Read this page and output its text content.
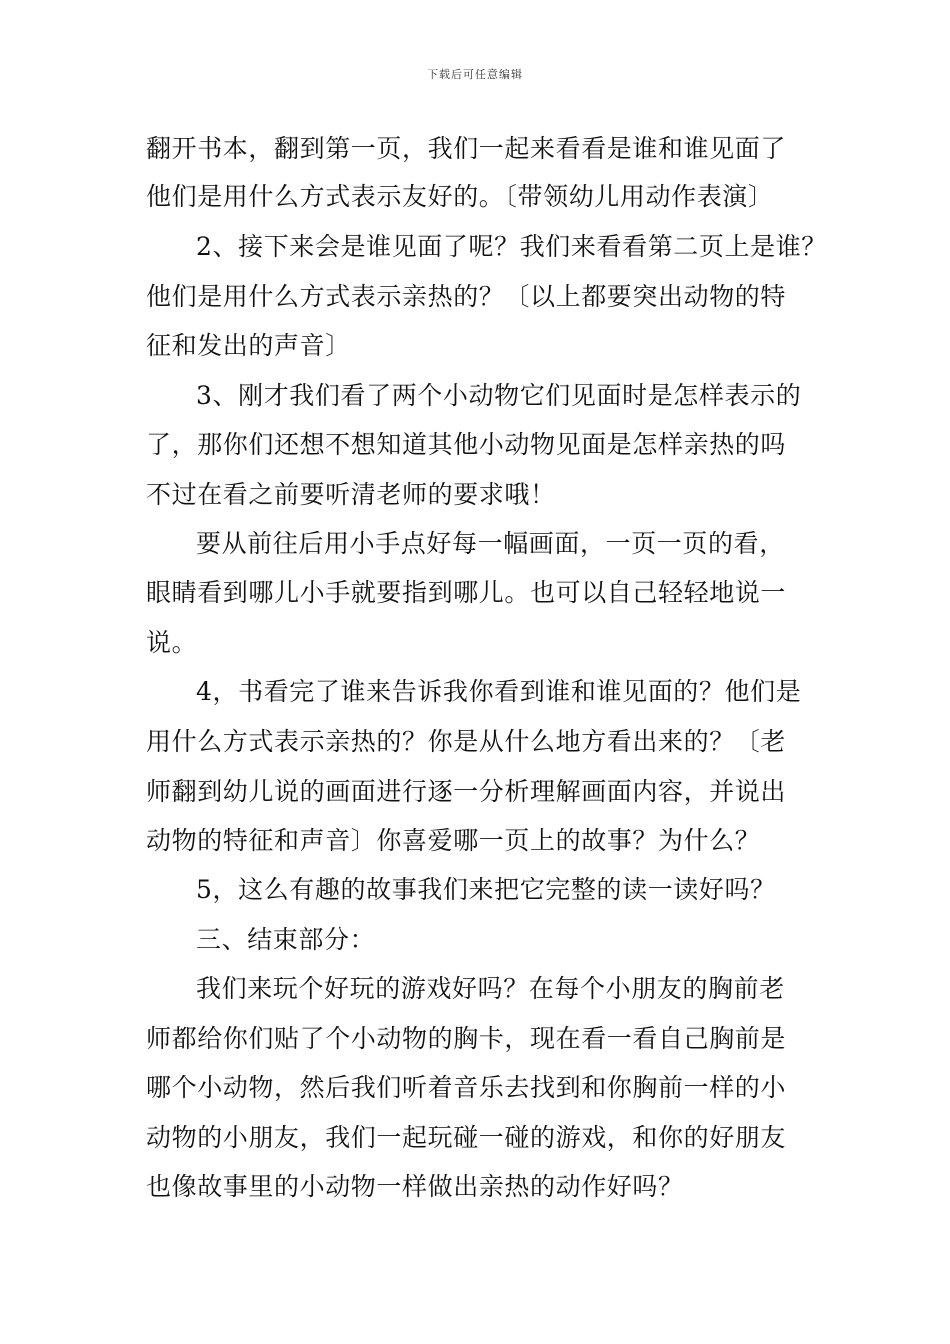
下载后可任意编辑
翻开书本，翻到第一页，我们一起来看看是谁和谁见面了
他们是用什么方式表示友好的。〔带领幼儿用动作表演〕
2、接下来会是谁见面了呢？我们来看看第二页上是谁？
他们是用什么方式表示亲热的？〔以上都要突出动物的特
征和发出的声音〕
3、刚才我们看了两个小动物它们见面时是怎样表示的
了，那你们还想不想知道其他小动物见面是怎样亲热的吗
不过在看之前要听清老师的要求哦！
要从前往后用小手点好每一幅画面，一页一页的看，
眼睛看到哪儿小手就要指到哪儿。也可以自己轻轻地说一
说。
4，书看完了谁来告诉我你看到谁和谁见面的？他们是
用什么方式表示亲热的？你是从什么地方看出来的？〔老
师翻到幼儿说的画面进行逐一分析理解画面内容，并说出
动物的特征和声音〕你喜爱哪一页上的故事？为什么？
5，这么有趣的故事我们来把它完整的读一读好吗？
三、结束部分：
我们来玩个好玩的游戏好吗？在每个小朋友的胸前老
师都给你们贴了个小动物的胸卡，现在看一看自己胸前是
哪个小动物，然后我们听着音乐去找到和你胸前一样的小
动物的小朋友，我们一起玩碰一碰的游戏，和你的好朋友
也像故事里的小动物一样做出亲热的动作好吗？
